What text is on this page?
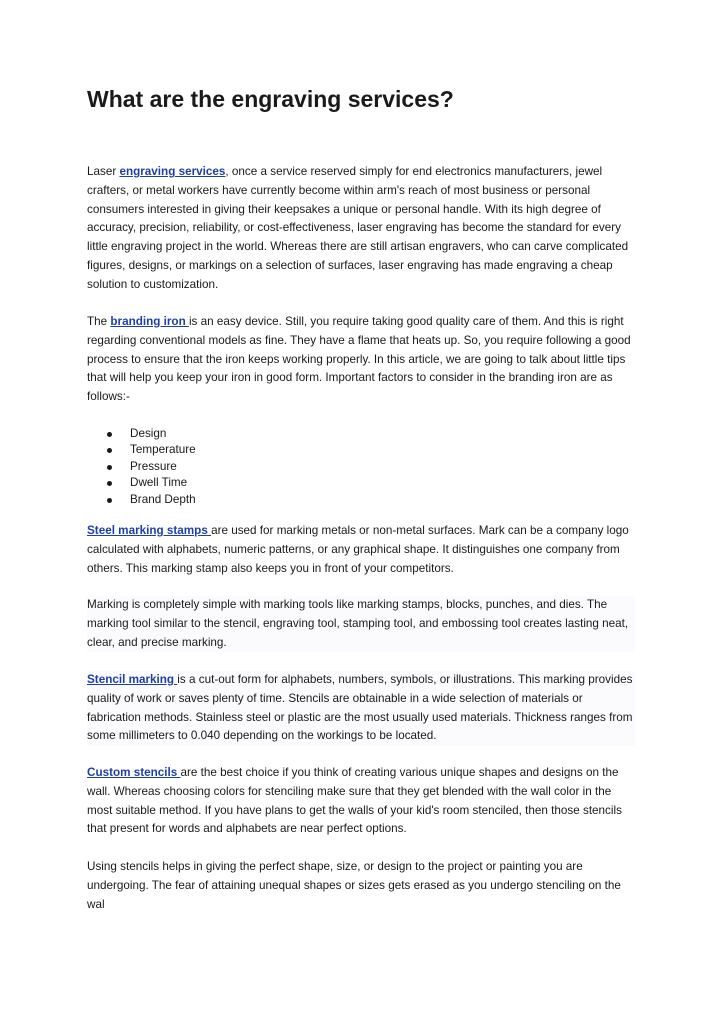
What are the engraving services?

Laser engraving services, once a service reserved simply for end electronics manufacturers, jewel crafters, or metal workers have currently become within arm's reach of most business or personal consumers interested in giving their keepsakes a unique or personal handle. With its high degree of accuracy, precision, reliability, or cost-effectiveness, laser engraving has become the standard for every little engraving project in the world. Whereas there are still artisan engravers, who can carve complicated figures, designs, or markings on a selection of surfaces, laser engraving has made engraving a cheap solution to customization.

The branding iron is an easy device. Still, you require taking good quality care of them. And this is right regarding conventional models as fine. They have a flame that heats up. So, you require following a good process to ensure that the iron keeps working properly. In this article, we are going to talk about little tips that will help you keep your iron in good form. Important factors to consider in the branding iron are as follows:-

Design
Temperature
Pressure
Dwell Time
Brand Depth

Steel marking stamps are used for marking metals or non-metal surfaces. Mark can be a company logo calculated with alphabets, numeric patterns, or any graphical shape. It distinguishes one company from others. This marking stamp also keeps you in front of your competitors.

Marking is completely simple with marking tools like marking stamps, blocks, punches, and dies. The marking tool similar to the stencil, engraving tool, stamping tool, and embossing tool creates lasting neat, clear, and precise marking.

Stencil marking is a cut-out form for alphabets, numbers, symbols, or illustrations. This marking provides quality of work or saves plenty of time. Stencils are obtainable in a wide selection of materials or fabrication methods. Stainless steel or plastic are the most usually used materials. Thickness ranges from some millimeters to 0.040 depending on the workings to be located.

Custom stencils are the best choice if you think of creating various unique shapes and designs on the wall. Whereas choosing colors for stenciling make sure that they get blended with the wall color in the most suitable method. If you have plans to get the walls of your kid's room stenciled, then those stencils that present for words and alphabets are near perfect options.

Using stencils helps in giving the perfect shape, size, or design to the project or painting you are undergoing. The fear of attaining unequal shapes or sizes gets erased as you undergo stenciling on the wal
